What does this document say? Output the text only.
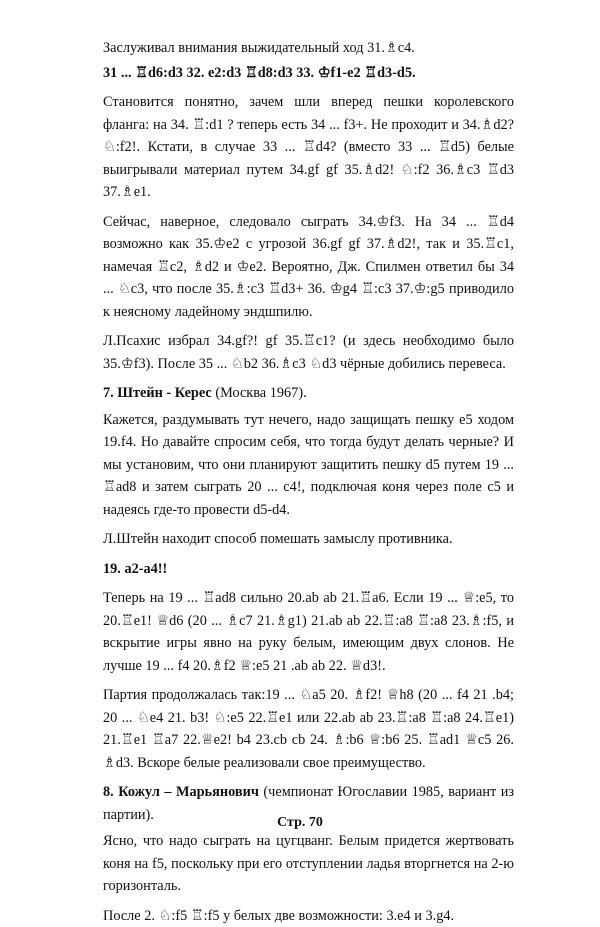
Заслуживал внимания выжидательный ход 31.♗c4.

31 ... ♖d6:d3 32. e2:d3 ♖d8:d3 33. ♔f1-e2 ♖d3-d5.

Становится понятно, зачем шли вперед пешки королевского фланга: на 34. ♖:d1 ? теперь есть 34 ... f3+. Не проходит и 34.♗d2? ♘:f2!. Кстати, в случае 33 ... ♖d4? (вместо 33 ... ♖d5) белые выигрывали материал путем 34.gf gf 35.♗d2! ♘:f2 36.♗c3 ♖d3 37.♗e1.

Сейчас, наверное, следовало сыграть 34.♔f3. На 34 ... ♖d4 возможно как 35.♔e2 с угрозой 36.gf gf 37.♗d2!, так и 35.♖c1, намечая ♖c2, ♗d2 и ♔e2. Вероятно, Дж. Спилмен ответил бы 34 ... ♘c3, что после 35.♗:c3 ♖d3+ 36. ♔g4 ♖:c3 37.♔:g5 приводило к неясному ладейному эндшпилю.

Л.Псахис избрал 34.gf?! gf 35.♖c1? (и здесь необходимо было 35.♔f3). После 35 ... ♘b2 36.♗c3 ♘d3 чёрные добились перевеса.

7. Штейн - Керес (Москва 1967).

Кажется, раздумывать тут нечего, надо защищать пешку e5 ходом 19.f4. Но давайте спросим себя, что тогда будут делать черные? И мы установим, что они планируют защитить пешку d5 путем 19 ... ♖ad8 и затем сыграть 20 ... c4!, подключая коня через поле c5 и надеясь где-то провести d5-d4.

Л.Штейн находит способ помешать замыслу противника.

19. a2-a4!!

Теперь на 19 ... ♖ad8 сильно 20.ab ab 21.♖a6. Если 19 ... ♕:e5, то 20.♖e1! ♕d6 (20 ... ♗c7 21.♗g1) 21.ab ab 22.♖:a8 ♖:a8 23.♗:f5, и вскрытие игры явно на руку белым, имеющим двух слонов. Не лучше 19 ... f4 20.♗f2 ♕:e5 21 .ab ab 22. ♕d3!.

Партия продолжалась так:19 ... ♘a5 20. ♗f2! ♕h8 (20 ... f4 21 .b4; 20 ... ♘e4 21. b3! ♘:e5 22.♖e1 или 22.ab ab 23.♖:a8 ♖:a8 24.♖e1) 21.♖e1 ♖a7 22.♕e2! b4 23.cb cb 24. ♗:b6 ♕:b6 25. ♖ad1 ♕c5 26. ♗d3. Вскоре белые реализовали свое преимущество.

8. Кожул – Марьянович (чемпионат Югославии 1985, вариант из партии).

Ясно, что надо сыграть на цугцванг. Белым придется жертвовать коня на f5, поскольку при его отступлении ладья вторгнется на 2-ю горизонталь.

После 2. ♘:f5 ♖:f5 у белых две возможности: 3.e4 и 3.g4.

Стр. 70
